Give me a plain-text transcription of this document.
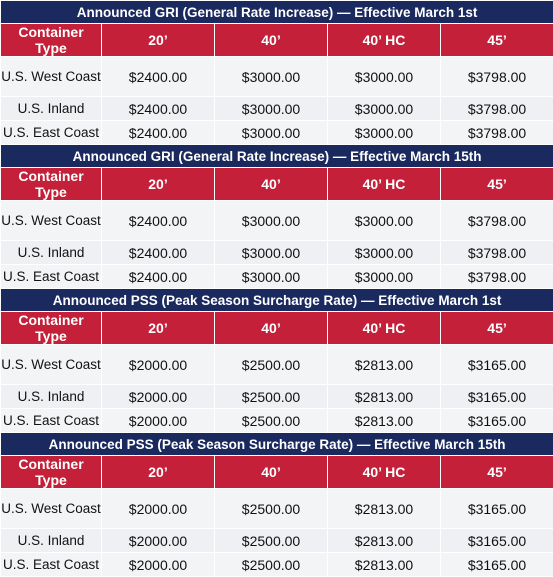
Announced GRI (General Rate Increase) — Effective March 1st				
Container Type	20’	40’	40’ HC	45’
U.S. West Coast	$2400.00	$3000.00	$3000.00	$3798.00
U.S. Inland	$2400.00	$3000.00	$3000.00	$3798.00
U.S. East Coast	$2400.00	$3000.00	$3000.00	$3798.00
Announced GRI (General Rate Increase) — Effective March 15th				
Container Type	20’	40’	40’ HC	45’
U.S. West Coast	$2400.00	$3000.00	$3000.00	$3798.00
U.S. Inland	$2400.00	$3000.00	$3000.00	$3798.00
U.S. East Coast	$2400.00	$3000.00	$3000.00	$3798.00
Announced PSS (Peak Season Surcharge Rate) — Effective March 1st				
Container Type	20’	40’	40’ HC	45’
U.S. West Coast	$2000.00	$2500.00	$2813.00	$3165.00
U.S. Inland	$2000.00	$2500.00	$2813.00	$3165.00
U.S. East Coast	$2000.00	$2500.00	$2813.00	$3165.00
Announced PSS (Peak Season Surcharge Rate) — Effective March 15th				
Container Type	20’	40’	40’ HC	45’
U.S. West Coast	$2000.00	$2500.00	$2813.00	$3165.00
U.S. Inland	$2000.00	$2500.00	$2813.00	$3165.00
U.S. East Coast	$2000.00	$2500.00	$2813.00	$3165.00
